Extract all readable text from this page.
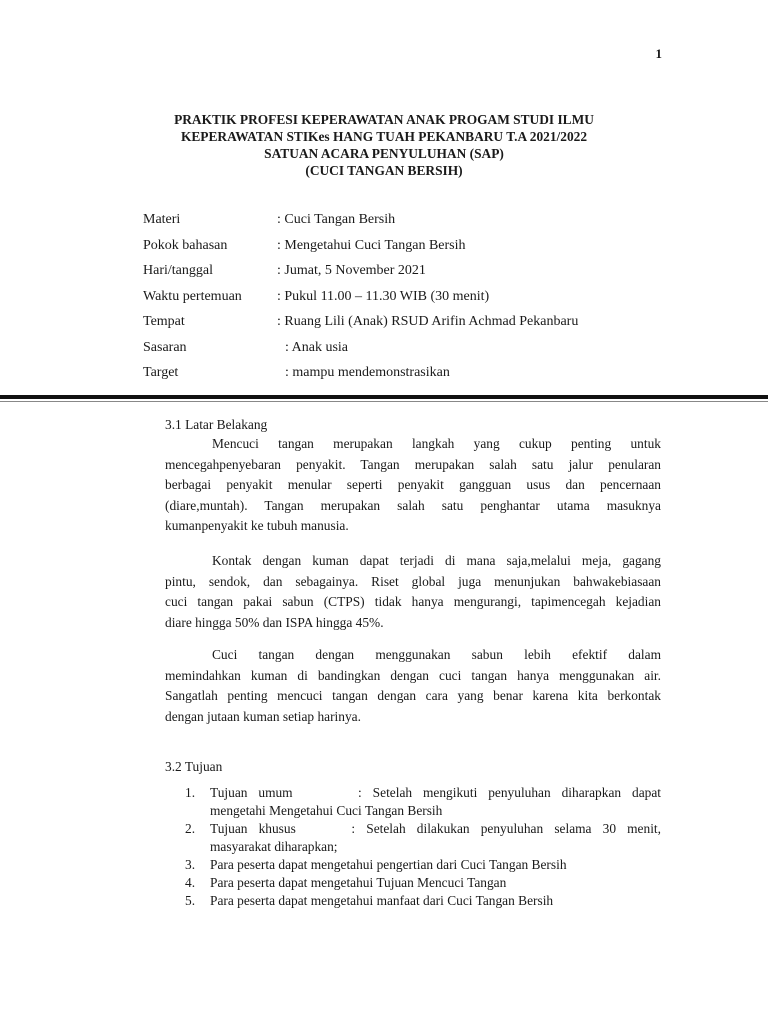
1
PRAKTIK PROFESI KEPERAWATAN ANAK PROGAM STUDI ILMU
KEPERAWATAN STIKes HANG TUAH PEKANBARU T.A 2021/2022
SATUAN ACARA PENYULUHAN (SAP)
(CUCI TANGAN BERSIH)
Materi	: Cuci Tangan Bersih
Pokok bahasan	: Mengetahui Cuci Tangan Bersih
Hari/tanggal	: Jumat, 5 November 2021
Waktu pertemuan	: Pukul 11.00 – 11.30 WIB (30 menit)
Tempat	: Ruang Lili (Anak) RSUD Arifin Achmad Pekanbaru
Sasaran	: Anak usia
Target	: mampu mendemonstrasikan
3.1 Latar Belakang
Mencuci tangan merupakan langkah yang cukup penting untuk
mencegahpenyebaran penyakit. Tangan merupakan salah satu jalur penularan
berbagai penyakit menular seperti penyakit gangguan usus dan pencernaan
(diare,muntah). Tangan merupakan salah satu penghantar utama masuknya
kumanpenyakit ke tubuh manusia.
Kontak dengan kuman dapat terjadi di mana saja,melalui meja, gagang
pintu, sendok, dan sebagainya. Riset global juga menunjukan bahwakebiasaan
cuci tangan pakai sabun (CTPS) tidak hanya mengurangi, tapimencegah kejadian
diare hingga 50% dan ISPA hingga 45%.
Cuci tangan dengan menggunakan sabun lebih efektif dalam
memindahkan kuman di bandingkan dengan cuci tangan hanya menggunakan air.
Sangatlah penting mencuci tangan dengan cara yang benar karena kita berkontak
dengan jutaan kuman setiap harinya.
3.2 Tujuan
1. Tujuan umum      : Setelah mengikuti penyuluhan diharapkan dapat
mengetahi Mengetahui Cuci Tangan Bersih
2. Tujuan khusus     : Setelah dilakukan penyuluhan selama 30 menit,
masyarakat diharapkan;
3. Para peserta dapat mengetahui pengertian dari Cuci Tangan Bersih
4. Para peserta dapat mengetahui Tujuan Mencuci Tangan
5. Para peserta dapat mengetahui manfaat dari Cuci Tangan Bersih
